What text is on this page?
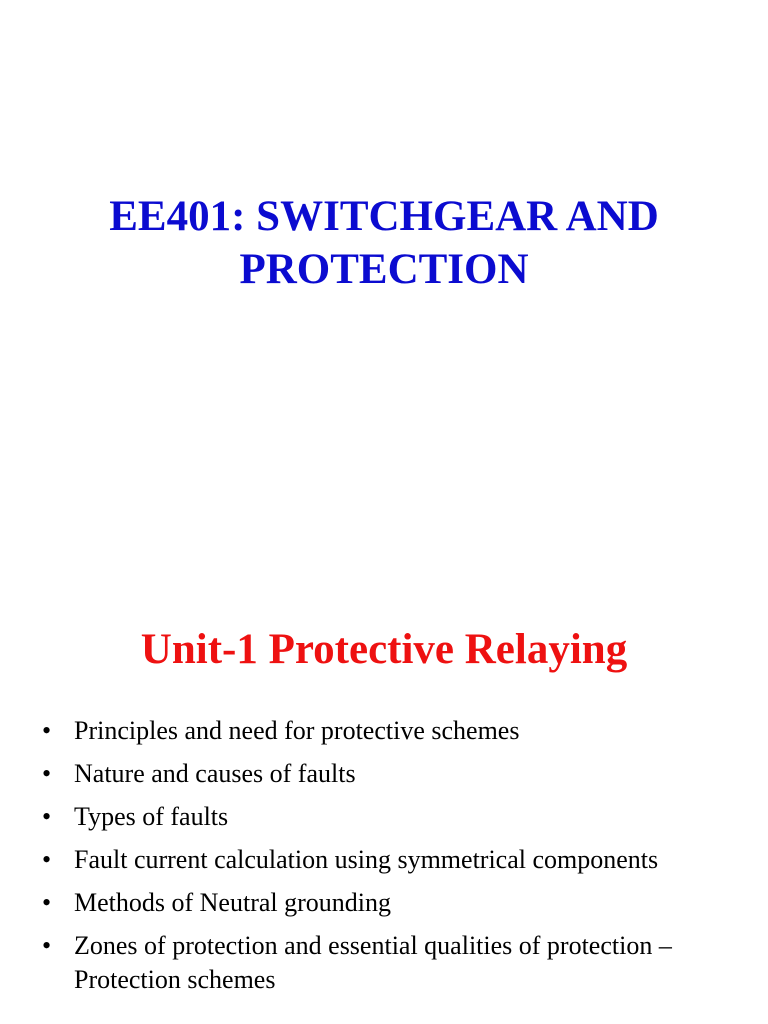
EE401: SWITCHGEAR AND
PROTECTION
Unit-1 Protective Relaying
• Principles and need for protective schemes
• Nature and causes of faults
• Types of faults
• Fault current calculation using symmetrical components
• Methods of Neutral grounding
• Zones of protection and essential qualities of protection – Protection schemes
